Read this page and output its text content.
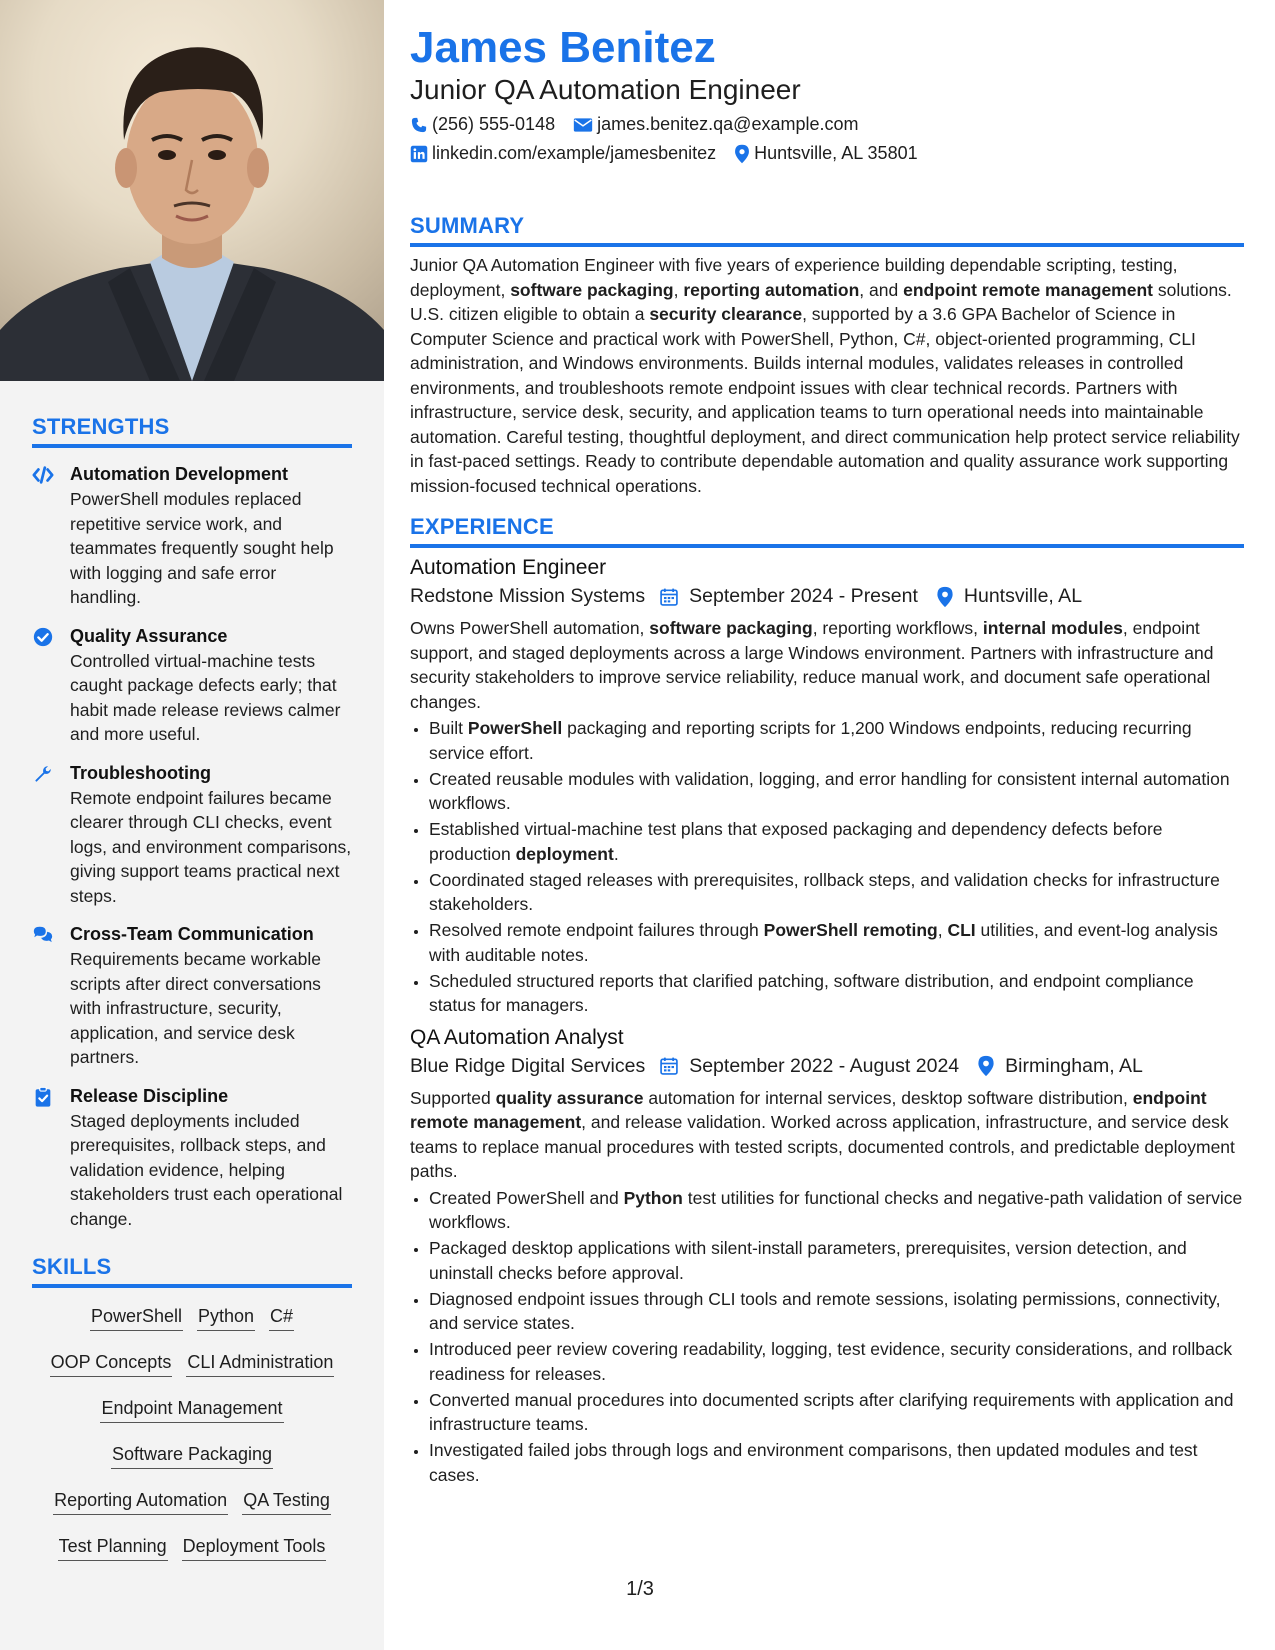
STRENGTHS
Automation Development
PowerShell modules replaced repetitive service work, and teammates frequently sought help with logging and safe error handling.
Quality Assurance
Controlled virtual-machine tests caught package defects early; that habit made release reviews calmer and more useful.
Troubleshooting
Remote endpoint failures became clearer through CLI checks, event logs, and environment comparisons, giving support teams practical next steps.
Cross-Team Communication
Requirements became workable scripts after direct conversations with infrastructure, security, application, and service desk partners.
Release Discipline
Staged deployments included prerequisites, rollback steps, and validation evidence, helping stakeholders trust each operational change.
SKILLS
PowerShell Python C#
OOP Concepts CLI Administration
Endpoint Management
Software Packaging
Reporting Automation QA Testing
Test Planning Deployment Tools
James Benitez
Junior QA Automation Engineer
(256) 555-0148 james.benitez.qa@example.com
linkedin.com/example/jamesbenitez Huntsville, AL 35801
SUMMARY

Junior QA Automation Engineer with five years of experience building dependable scripting, testing, deployment, software packaging, reporting automation, and endpoint remote management solutions. U.S. citizen eligible to obtain a security clearance, supported by a 3.6 GPA Bachelor of Science in Computer Science and practical work with PowerShell, Python, C#, object-oriented programming, CLI administration, and Windows environments. Builds internal modules, validates releases in controlled environments, and troubleshoots remote endpoint issues with clear technical records. Partners with infrastructure, service desk, security, and application teams to turn operational needs into maintainable automation. Careful testing, thoughtful deployment, and direct communication help protect service reliability in fast-paced settings. Ready to contribute dependable automation and quality assurance work supporting mission-focused technical operations.

EXPERIENCE
Automation Engineer
Redstone Mission Systems September 2024 - Present Huntsville, AL

Owns PowerShell automation, software packaging, reporting workflows, internal modules, endpoint support, and staged deployments across a large Windows environment. Partners with infrastructure and security stakeholders to improve service reliability, reduce manual work, and document safe operational changes.

• Built PowerShell packaging and reporting scripts for 1,200 Windows endpoints, reducing recurring service effort.
• Created reusable modules with validation, logging, and error handling for consistent internal automation workflows.
• Established virtual-machine test plans that exposed packaging and dependency defects before production deployment.
• Coordinated staged releases with prerequisites, rollback steps, and validation checks for infrastructure stakeholders.
• Resolved remote endpoint failures through PowerShell remoting, CLI utilities, and event-log analysis with auditable notes.
• Scheduled structured reports that clarified patching, software distribution, and endpoint compliance status for managers.
QA Automation Analyst
Blue Ridge Digital Services September 2022 - August 2024 Birmingham, AL

Supported quality assurance automation for internal services, desktop software distribution, endpoint remote management, and release validation. Worked across application, infrastructure, and service desk teams to replace manual procedures with tested scripts, documented controls, and predictable deployment paths.

• Created PowerShell and Python test utilities for functional checks and negative-path validation of service workflows.
• Packaged desktop applications with silent-install parameters, prerequisites, version detection, and uninstall checks before approval.
• Diagnosed endpoint issues through CLI tools and remote sessions, isolating permissions, connectivity, and service states.
• Introduced peer review covering readability, logging, test evidence, security considerations, and rollback readiness for releases.
• Converted manual procedures into documented scripts after clarifying requirements with application and infrastructure teams.
• Investigated failed jobs through logs and environment comparisons, then updated modules and test cases.
1/3
